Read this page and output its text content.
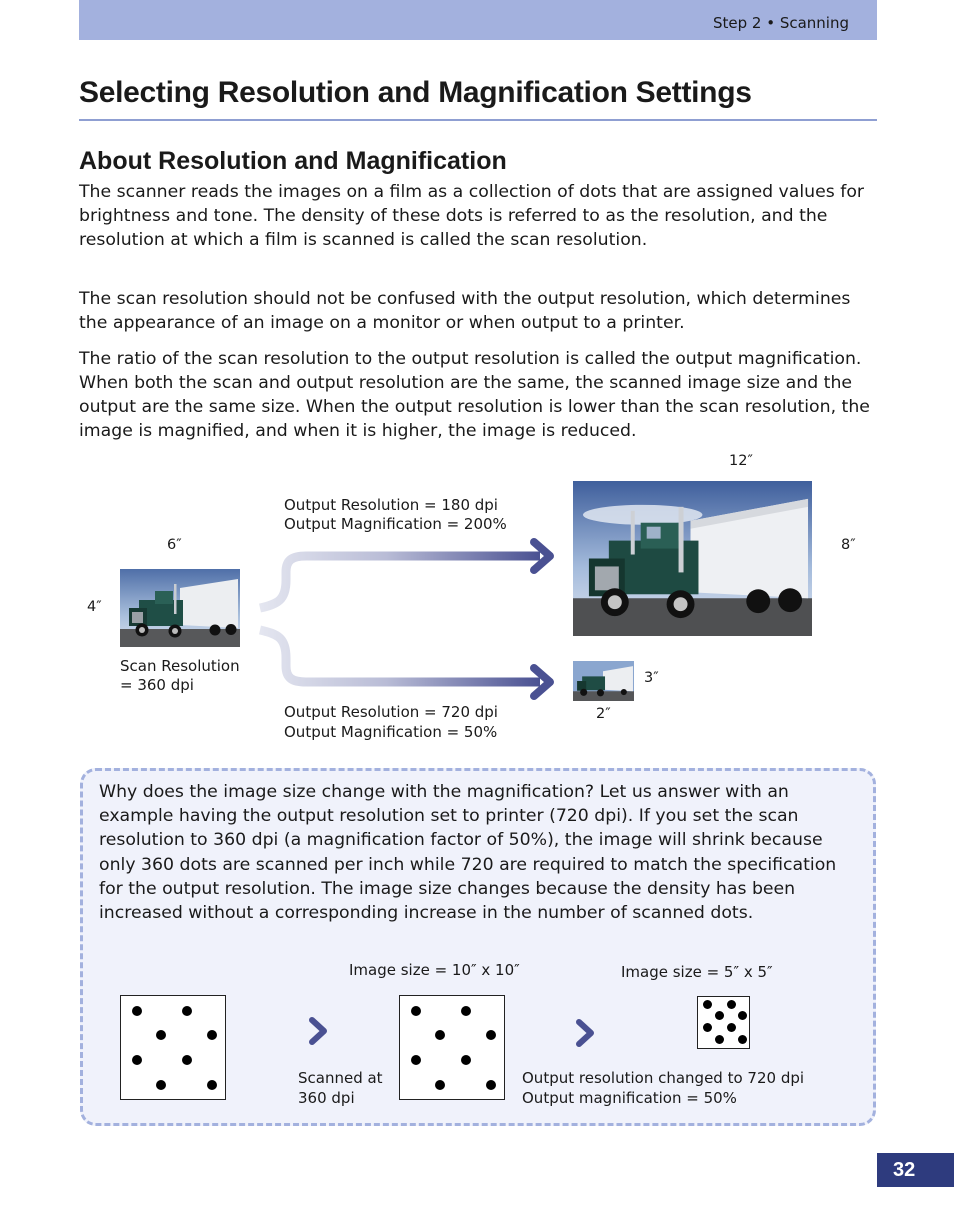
Step 2 • Scanning
Selecting Resolution and Magnification Settings
About Resolution and Magnification

The scanner reads the images on a film as a collection of dots that are assigned values for brightness and tone. The density of these dots is referred to as the resolution, and the resolution at which a film is scanned is called the scan resolution.

The scan resolution should not be confused with the output resolution, which determines the appearance of an image on a monitor or when output to a printer.

The ratio of the scan resolution to the output resolution is called the output magnification. When both the scan and output resolution are the same, the scanned image size and the output are the same size. When the output resolution is lower than the scan resolution, the image is magnified, and when it is higher, the image is reduced.

6″
4″
Scan Resolution
= 360 dpi
Output Resolution = 180 dpi
Output Magnification = 200%
12″
8″
Output Resolution = 720 dpi
Output Magnification = 50%
3″
2″

Why does the image size change with the magnification? Let us answer with an example having the output resolution set to printer (720 dpi). If you set the scan resolution to 360 dpi (a magnification factor of 50%), the image will shrink because only 360 dots are scanned per inch while 720 are required to match the specification for the output resolution. The image size changes because the density has been increased without a corresponding increase in the number of scanned dots.

Image size = 10″ x 10″	Image size = 5″ x 5″
Scanned at
360 dpi
Output resolution changed to 720 dpi
Output magnification = 50%
32
